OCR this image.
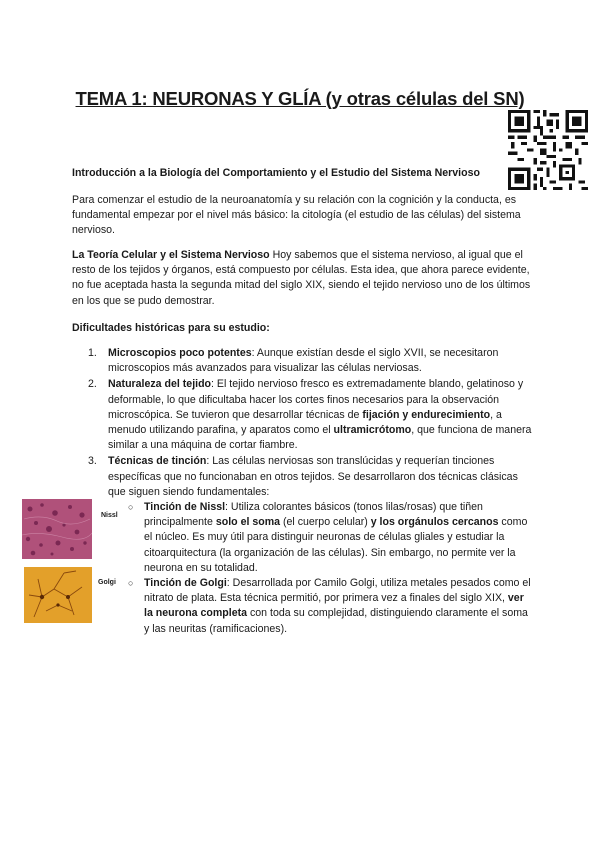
TEMA 1: NEURONAS Y GLÍA (y otras células del SN)

Introducción a la Biología del Comportamiento y el Estudio del Sistema Nervioso

Para comenzar el estudio de la neuroanatomía y su relación con la cognición y la conducta, es fundamental empezar por el nivel más básico: la citología (el estudio de las células) del sistema nervioso.

La Teoría Celular y el Sistema Nervioso Hoy sabemos que el sistema nervioso, al igual que el resto de los tejidos y órganos, está compuesto por células. Esta idea, que ahora parece evidente, no fue aceptada hasta la segunda mitad del siglo XIX, siendo el tejido nervioso uno de los últimos en los que se pudo demostrar.

Dificultades históricas para su estudio:

1. Microscopios poco potentes: Aunque existían desde el siglo XVII, se necesitaron microscopios más avanzados para visualizar las células nerviosas.
2. Naturaleza del tejido: El tejido nervioso fresco es extremadamente blando, gelatinoso y deformable, lo que dificultaba hacer los cortes finos necesarios para la observación microscópica. Se tuvieron que desarrollar técnicas de fijación y endurecimiento, a menudo utilizando parafina, y aparatos como el ultramicrótomo, que funciona de manera similar a una máquina de cortar fiambre.
3. Técnicas de tinción: Las células nerviosas son translúcidas y requerían tinciones específicas que no funcionaban en otros tejidos. Se desarrollaron dos técnicas clásicas que siguen siendo fundamentales:
○ Tinción de Nissl: Utiliza colorantes básicos (tonos lilas/rosas) que tiñen principalmente solo el soma (el cuerpo celular) y los orgánulos cercanos como el núcleo. Es muy útil para distinguir neuronas de células gliales y estudiar la citoarquitectura (la organización de las células). Sin embargo, no permite ver la neurona en su totalidad.
○ Tinción de Golgi: Desarrollada por Camilo Golgi, utiliza metales pesados como el nitrato de plata. Esta técnica permitió, por primera vez a finales del siglo XIX, ver la neurona completa con toda su complejidad, distinguiendo claramente el soma y las neuritas (ramificaciones).
Nissl
Golgi
